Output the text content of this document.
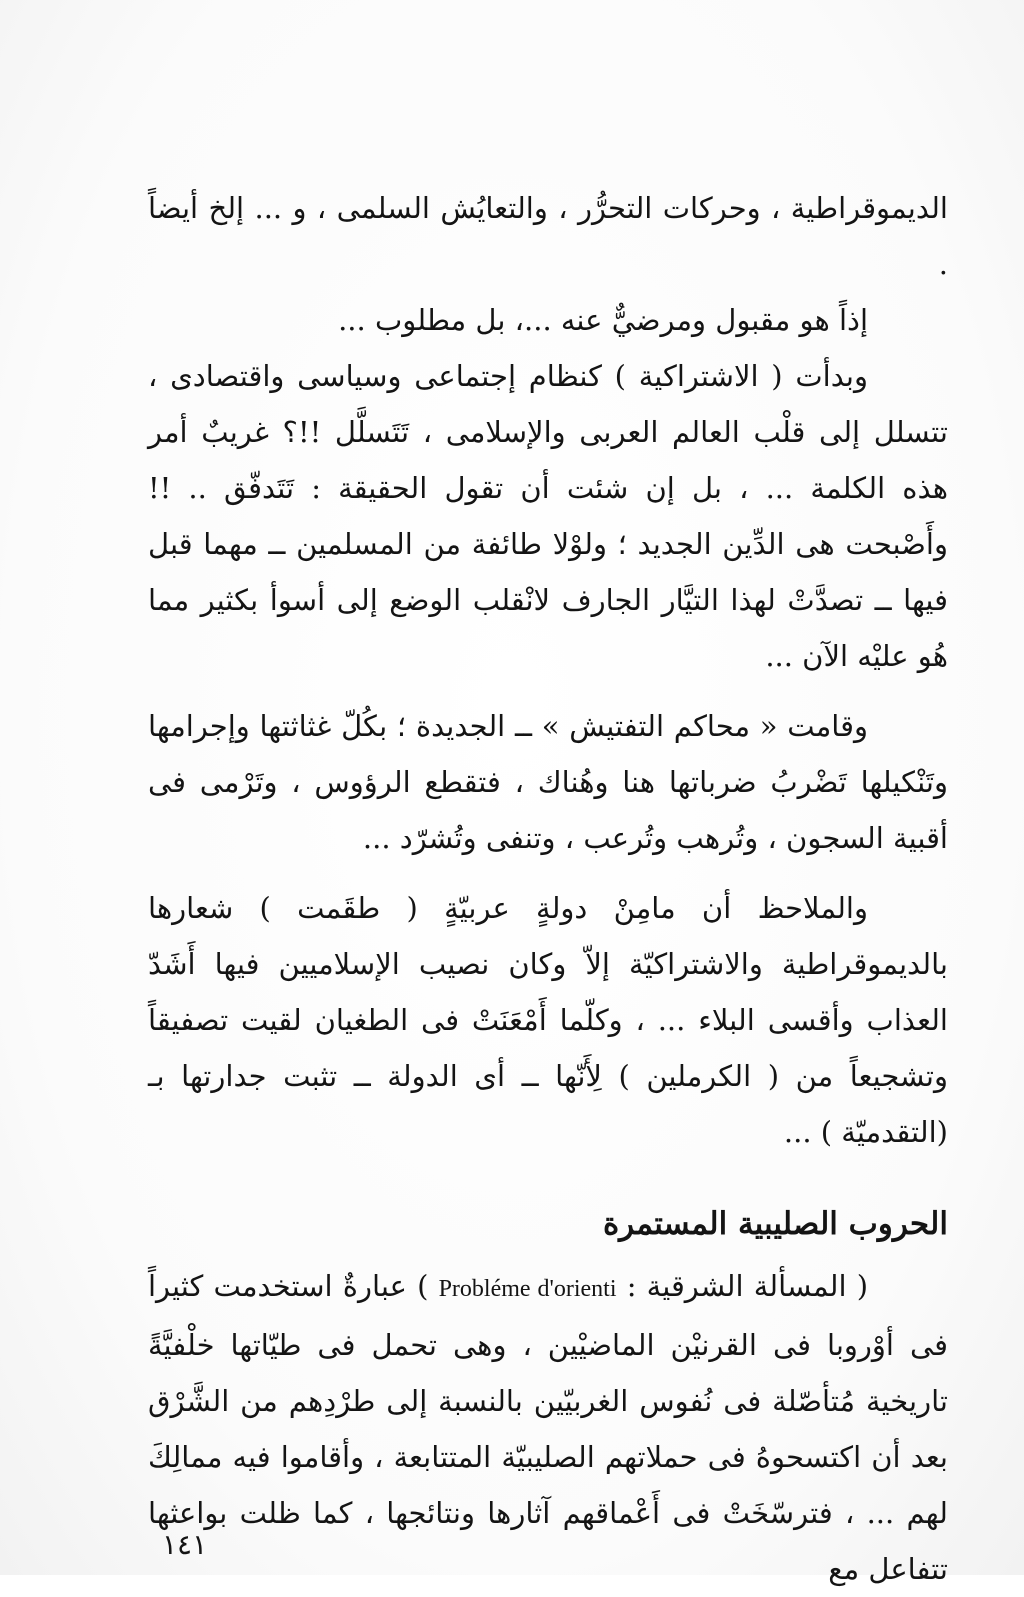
الديموقراطية ، وحركات التحرُّر ، والتعايُش السلمى ، و ... إلخ أيضاً .

إذاً هو مقبول ومرضيٌّ عنه ...، بل مطلوب ...

وبدأت ( الاشتراكية ) كنظام إجتماعى وسياسى واقتصادى ، تتسلل إلى قلْب العالم العربى والإسلامى ، تَتَسلَّل !!؟ غريبٌ أمر هذه الكلمة ... ، بل إن شئت أن تقول الحقيقة : تَتَدفّق .. !! وأَصْبحت هى الدِّين الجديد ؛ ولوْلا طائفة من المسلمين ــ مهما قبل فيها ــ تصدَّتْ لهذا التيَّار الجارف لانْقلب الوضع إلى أسوأ بكثير مما هُو عليْه الآن ...

وقامت « محاكم التفتيش » ــ الجديدة ؛ بكُلّ غثاثتها وإجرامها وتَنْكيلها تَضْربُ ضرباتها هنا وهُناك ، فتقطع الرؤوس ، وتَرْمى فى أقبية السجون ، وتُرهب وتُرعب ، وتنفى وتُشرّد ...

والملاحظ أن مامِنْ دولةٍ عربيّةٍ ( طقَمت ) شعارها بالديموقراطية والاشتراكيّة إلاّ وكان نصيب الإسلاميين فيها أَشَدّ العذاب وأقسى البلاء ... ، وكلّما أَمْعَنَتْ فى الطغيان لقيت تصفيقاً وتشجيعاً من ( الكرملين ) لِأَنّها ــ أى الدولة ــ تثبت جدارتها بـ (التقدميّة ) ...

الحروب الصليبية المستمرة

( المسألة الشرقية : Probléme d'orienti ) عبارةٌ استخدمت كثيراً فى أوْروبا فى القرنيْن الماضيْين ، وهى تحمل فى طيّاتها خلْفيَّةً تاريخية مُتأصّلة فى نُفوس الغربيّين بالنسبة إلى طرْدِهم من الشَّرْق بعد أن اكتسحوهُ فى حملاتهم الصليبيّة المتتابعة ، وأقاموا فيه ممالِكَ لهم ... ، فترسّخَتْ فى أَعْماقهم آثارها ونتائجها ، كما ظلت بواعثها تتفاعل مع

١٤١
